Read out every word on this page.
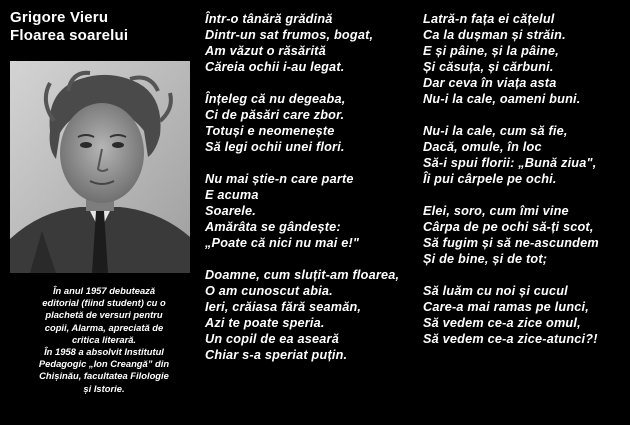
Grigore Vieru
Floarea soarelui
În anul 1957 debutează
editorial (fiind student) cu o
plachetă de versuri pentru
copii, Alarma, apreciată de
critica literară.
În 1958 a absolvit Institutul
Pedagogic „Ion Creangă” din
Chișinău, facultatea Filologie
și Istorie.
Într-o tânără grădină
Dintr-un sat frumos, bogat,
Am văzut o răsărită
Căreia ochii i-au legat.
Înțeleg că nu degeaba,
Ci de păsări care zbor.
Totuși e neomenește
Să legi ochii unei flori.
Nu mai știe-n care parte
E acuma
Soarele.
Amărâta se gândește:
„Poate că nici nu mai e!"
Doamne, cum sluțit-am floarea,
O am cunoscut abia.
Ieri, crăiasa fără seamăn,
Azi te poate speria.
Un copil de ea aseară
Chiar s-a speriat puțin.
Latră-n fața ei cățelul
Ca la dușman și străin.
E și pâine, și la pâine,
Și căsuța, și cărbuni.
Dar ceva în viața asta
Nu-i la cale, oameni buni.
Nu-i la cale, cum să fie,
Dacă, omule, în loc
Să-i spui florii: „Bună ziua",
Îi pui cârpele pe ochi.
Elei, soro, cum îmi vine
Cârpa de pe ochi să-ți scot,
Să fugim și să ne-ascundem
Și de bine, și de tot;
Să luăm cu noi și cucul
Care-a mai ramas pe lunci,
Să vedem ce-a zice omul,
Să vedem ce-a zice-atunci?!
